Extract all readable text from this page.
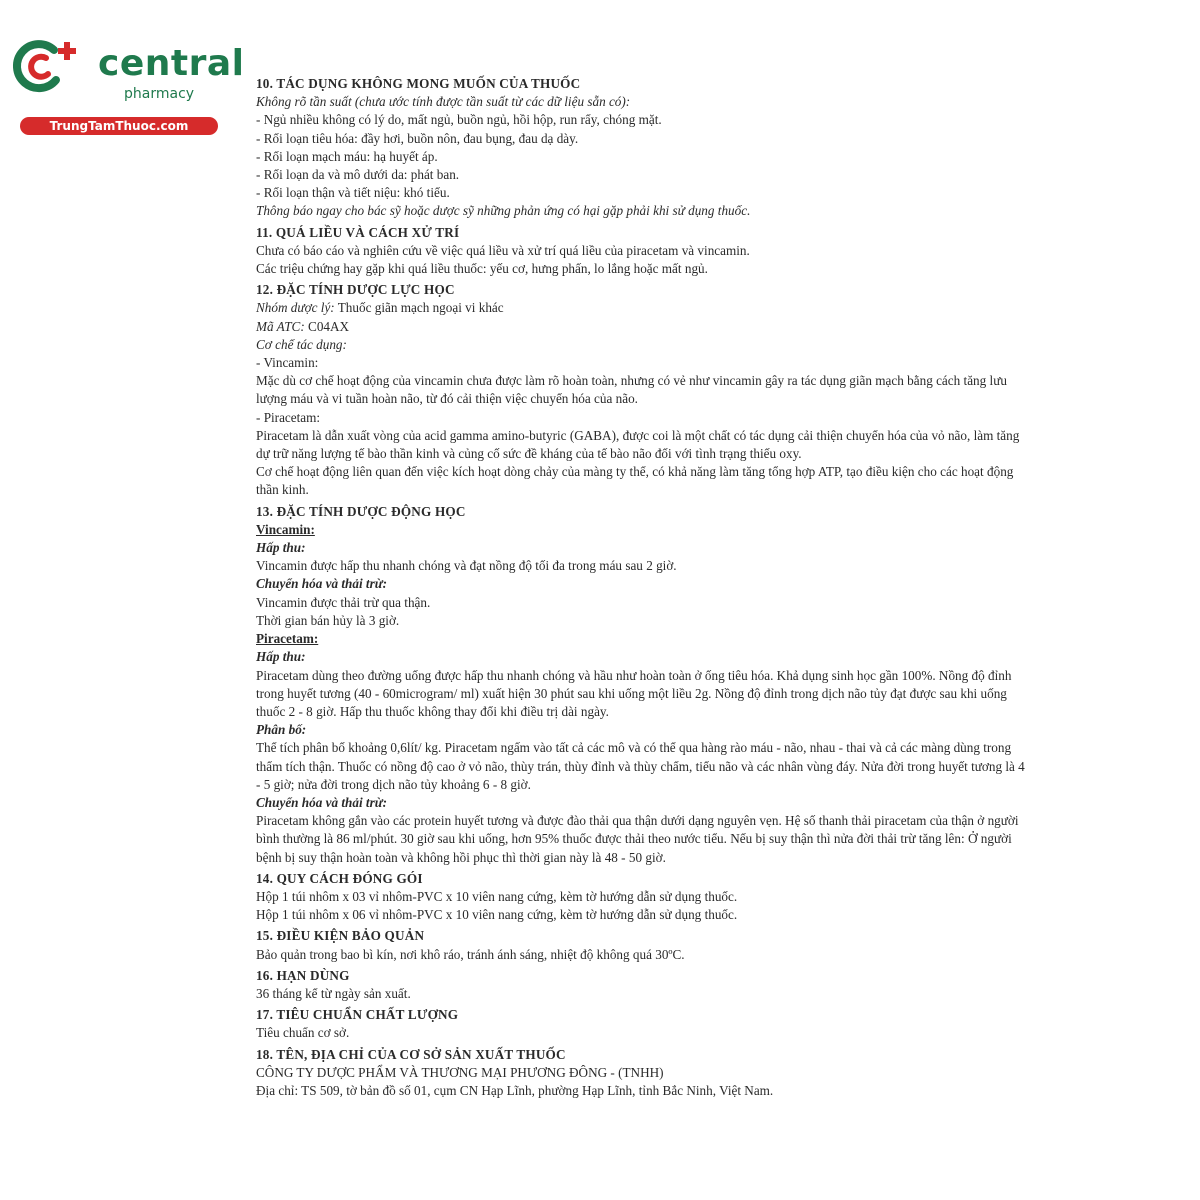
central
pharmacy
TrungTamThuoc.com
10. TÁC DỤNG KHÔNG MONG MUỐN CỦA THUỐC
Không rõ tần suất (chưa ước tính được tần suất từ các dữ liệu sẵn có):
- Ngủ nhiều không có lý do, mất ngủ, buồn ngủ, hồi hộp, run rẩy, chóng mặt.
- Rối loạn tiêu hóa: đầy hơi, buồn nôn, đau bụng, đau dạ dày.
- Rối loạn mạch máu: hạ huyết áp.
- Rối loạn da và mô dưới da: phát ban.
- Rối loạn thận và tiết niệu: khó tiểu.
Thông báo ngay cho bác sỹ hoặc dược sỹ những phản ứng có hại gặp phải khi sử dụng thuốc.
11. QUÁ LIỀU VÀ CÁCH XỬ TRÍ
Chưa có báo cáo và nghiên cứu về việc quá liều và xử trí quá liều của piracetam và vincamin.
Các triệu chứng hay gặp khi quá liều thuốc: yếu cơ, hưng phấn, lo lắng hoặc mất ngủ.
12. ĐẶC TÍNH DƯỢC LỰC HỌC
Nhóm dược lý: Thuốc giãn mạch ngoại vi khác
Mã ATC: C04AX
Cơ chế tác dụng:
- Vincamin:
Mặc dù cơ chế hoạt động của vincamin chưa được làm rõ hoàn toàn, nhưng có vẻ như vincamin gây ra tác dụng giãn mạch bằng cách tăng lưu lượng máu và vi tuần hoàn não, từ đó cải thiện việc chuyển hóa của não.
- Piracetam:
Piracetam là dẫn xuất vòng của acid gamma amino-butyric (GABA), được coi là một chất có tác dụng cải thiện chuyển hóa của vỏ não, làm tăng dự trữ năng lượng tế bào thần kinh và củng cố sức đề kháng của tế bào não đối với tình trạng thiếu oxy.
Cơ chế hoạt động liên quan đến việc kích hoạt dòng chảy của màng ty thể, có khả năng làm tăng tổng hợp ATP, tạo điều kiện cho các hoạt động thần kinh.
13. ĐẶC TÍNH DƯỢC ĐỘNG HỌC
Vincamin:
Hấp thu:
Vincamin được hấp thu nhanh chóng và đạt nồng độ tối đa trong máu sau 2 giờ.
Chuyển hóa và thải trừ:
Vincamin được thải trừ qua thận.
Thời gian bán hủy là 3 giờ.
Piracetam:
Hấp thu:
Piracetam dùng theo đường uống được hấp thu nhanh chóng và hầu như hoàn toàn ở ống tiêu hóa. Khả dụng sinh học gần 100%. Nồng độ đỉnh trong huyết tương (40 - 60microgram/ ml) xuất hiện 30 phút sau khi uống một liều 2g. Nồng độ đỉnh trong dịch não tủy đạt được sau khi uống thuốc 2 - 8 giờ. Hấp thu thuốc không thay đổi khi điều trị dài ngày.
Phân bố:
Thể tích phân bố khoảng 0,6lít/ kg. Piracetam ngấm vào tất cả các mô và có thể qua hàng rào máu - não, nhau - thai và cả các màng dùng trong thẩm tích thận. Thuốc có nồng độ cao ở vỏ não, thùy trán, thùy đỉnh và thùy chẩm, tiểu não và các nhân vùng đáy. Nửa đời trong huyết tương là 4 - 5 giờ; nửa đời trong dịch não tủy khoảng 6 - 8 giờ.
Chuyển hóa và thải trừ:
Piracetam không gắn vào các protein huyết tương và được đào thải qua thận dưới dạng nguyên vẹn. Hệ số thanh thải piracetam của thận ở người bình thường là 86 ml/phút. 30 giờ sau khi uống, hơn 95% thuốc được thải theo nước tiểu. Nếu bị suy thận thì nửa đời thải trừ tăng lên: Ở người bệnh bị suy thận hoàn toàn và không hồi phục thì thời gian này là 48 - 50 giờ.
14. QUY CÁCH ĐÓNG GÓI
Hộp 1 túi nhôm x 03 vỉ nhôm-PVC x 10 viên nang cứng, kèm tờ hướng dẫn sử dụng thuốc.
Hộp 1 túi nhôm x 06 vỉ nhôm-PVC x 10 viên nang cứng, kèm tờ hướng dẫn sử dụng thuốc.
15. ĐIỀU KIỆN BẢO QUẢN
Bảo quản trong bao bì kín, nơi khô ráo, tránh ánh sáng, nhiệt độ không quá 30ºC.
16. HẠN DÙNG
36 tháng kể từ ngày sản xuất.
17. TIÊU CHUẨN CHẤT LƯỢNG
Tiêu chuẩn cơ sở.
18. TÊN, ĐỊA CHỈ CỦA CƠ SỞ SẢN XUẤT THUỐC
CÔNG TY DƯỢC PHẨM VÀ THƯƠNG MẠI PHƯƠNG ĐÔNG - (TNHH)
Địa chỉ: TS 509, tờ bản đồ số 01, cụm CN Hạp Lĩnh, phường Hạp Lĩnh, tỉnh Bắc Ninh, Việt Nam.
